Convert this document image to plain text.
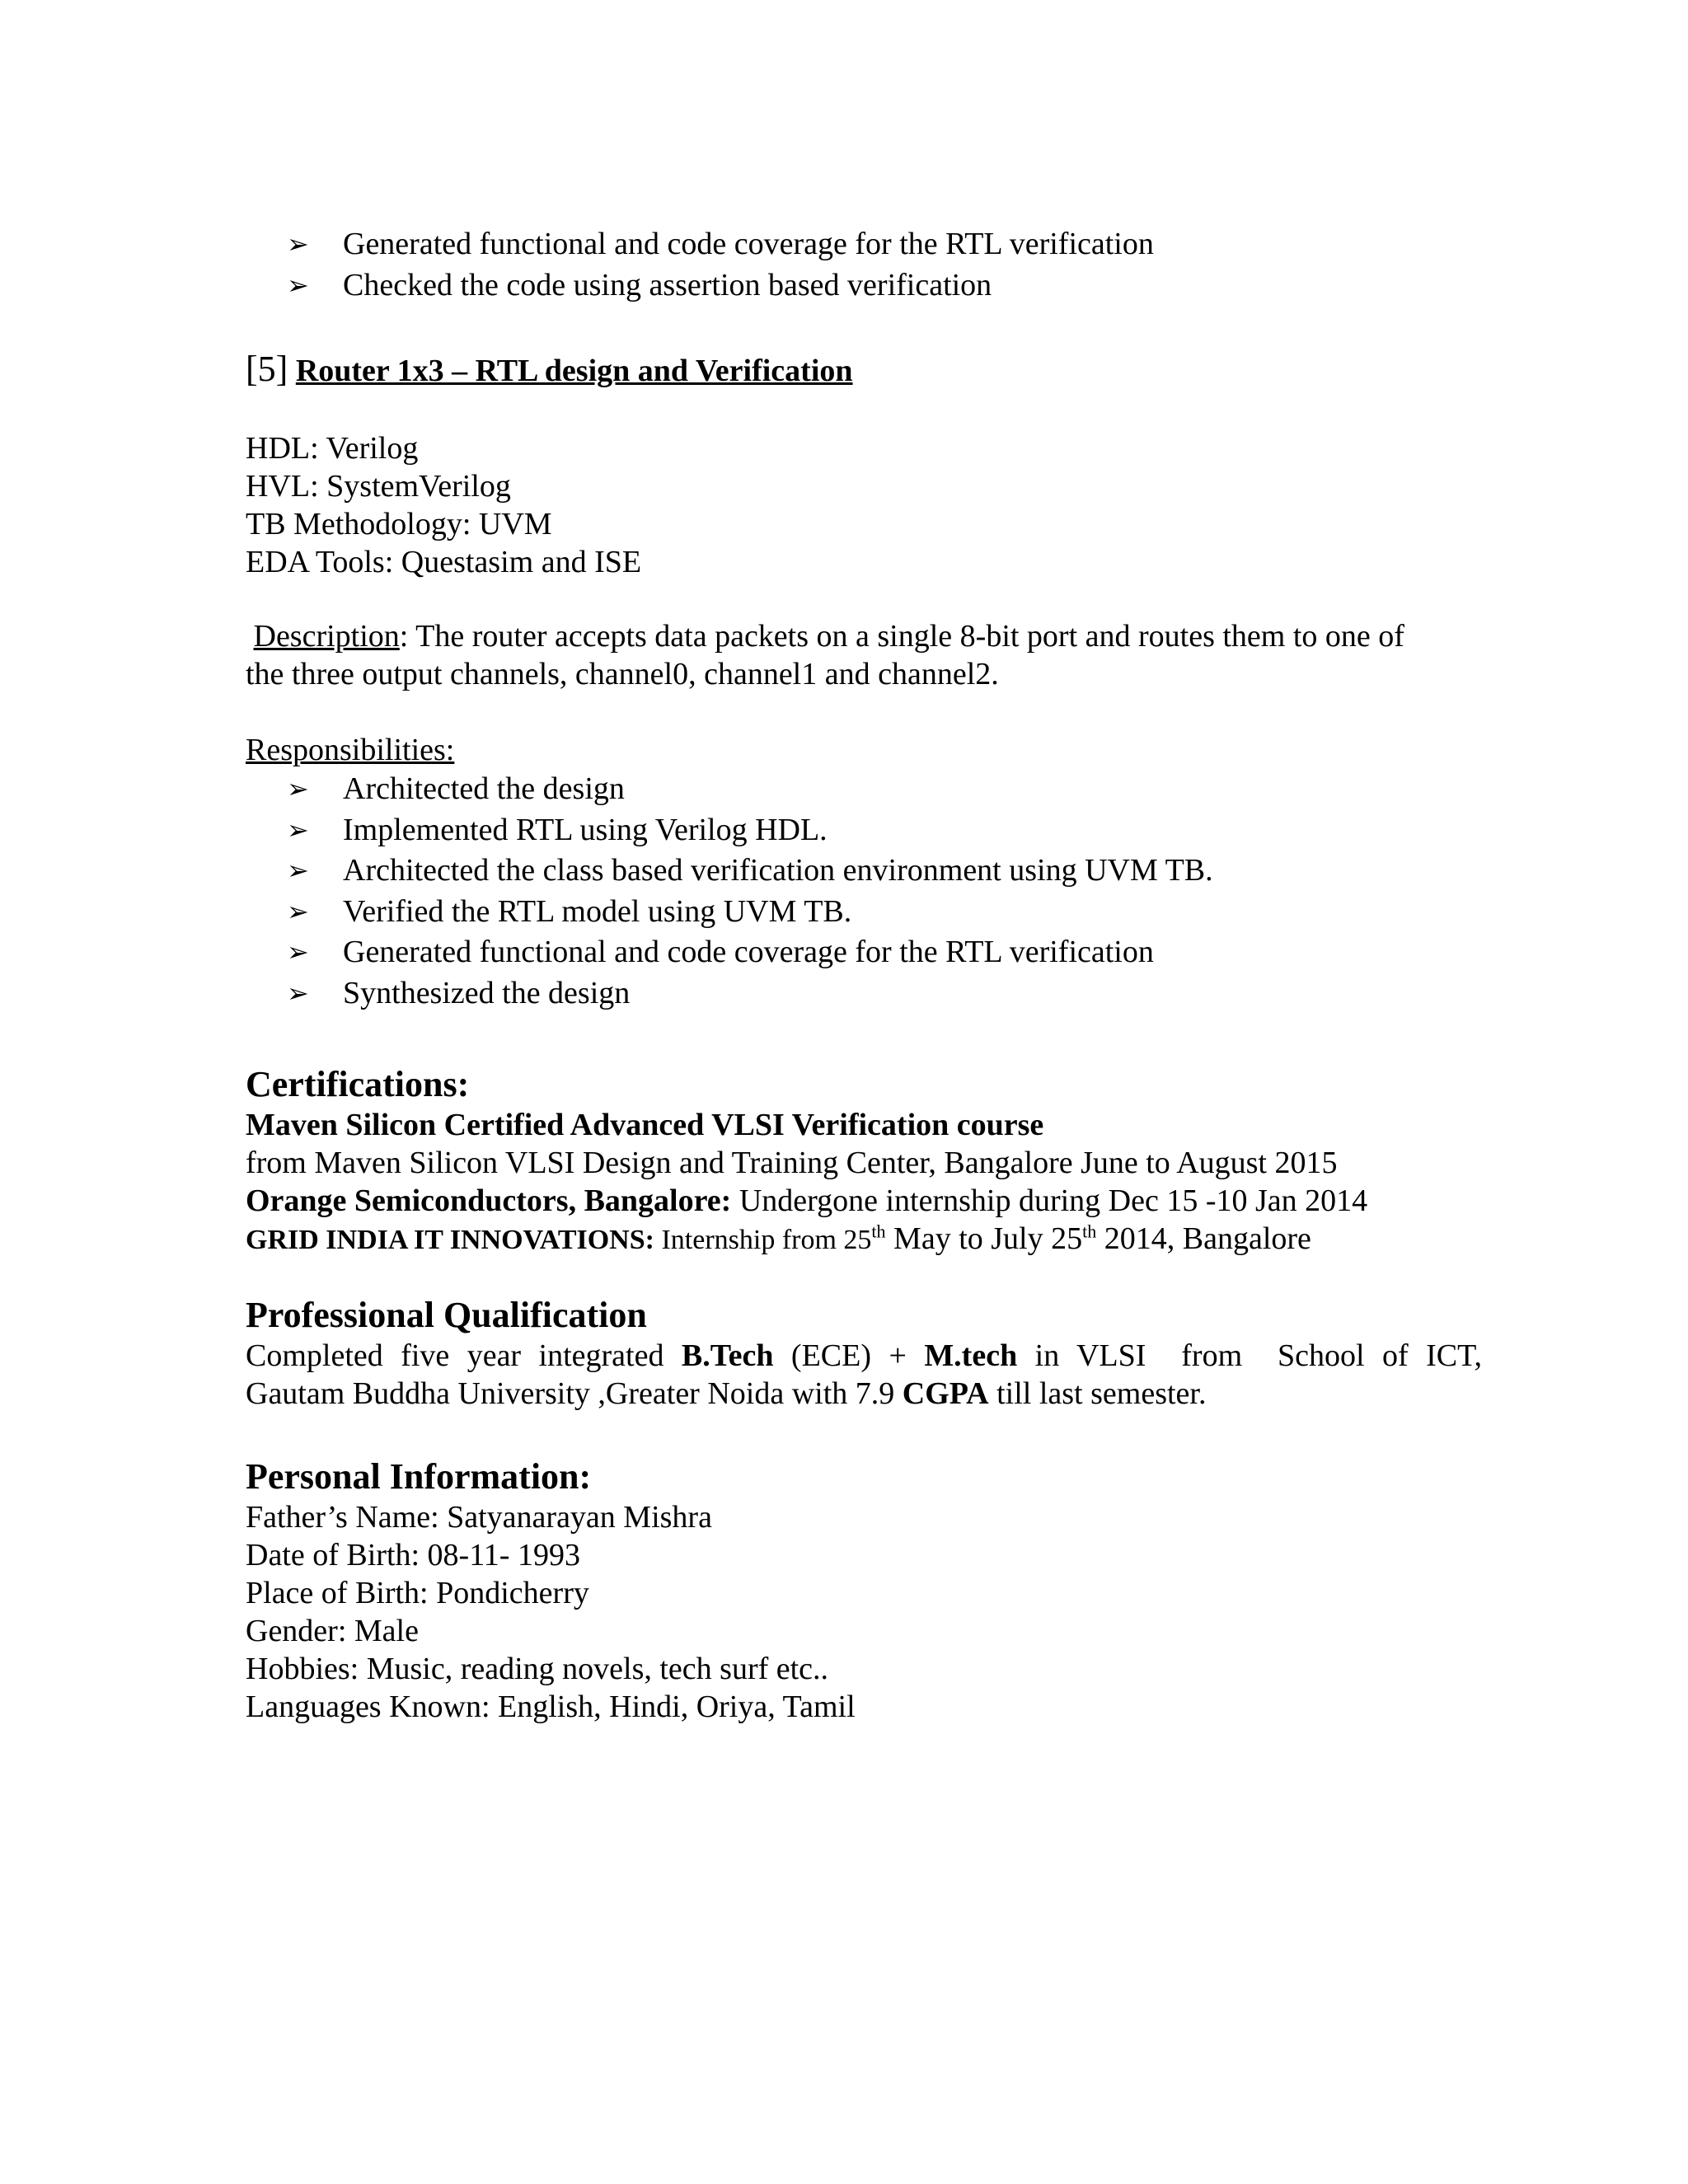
➢ Generated functional and code coverage for the RTL verification
➢ Checked the code using assertion based verification
[5] Router 1x3 – RTL design and Verification
HDL: Verilog
HVL: SystemVerilog
TB Methodology: UVM
EDA Tools: Questasim and ISE
Description: The router accepts data packets on a single 8-bit port and routes them to one of
the three output channels, channel0, channel1 and channel2.
Responsibilities:
➢ Architected the design
➢ Implemented RTL using Verilog HDL.
➢ Architected the class based verification environment using UVM TB.
➢ Verified the RTL model using UVM TB.
➢ Generated functional and code coverage for the RTL verification
➢ Synthesized the design
Certifications:
Maven Silicon Certified Advanced VLSI Verification course
from Maven Silicon VLSI Design and Training Center, Bangalore June to August 2015
Orange Semiconductors, Bangalore: Undergone internship during Dec 15 -10 Jan 2014
GRID INDIA IT INNOVATIONS: Internship from 25th May to July 25th 2014, Bangalore
Professional Qualification
Completed five year integrated B.Tech (ECE) + M.tech in VLSI  from  School of ICT,
Gautam Buddha University ,Greater Noida with 7.9 CGPA till last semester.
Personal Information:
Father’s Name: Satyanarayan Mishra
Date of Birth: 08-11- 1993
Place of Birth: Pondicherry
Gender: Male
Hobbies: Music, reading novels, tech surf etc..
Languages Known: English, Hindi, Oriya, Tamil
